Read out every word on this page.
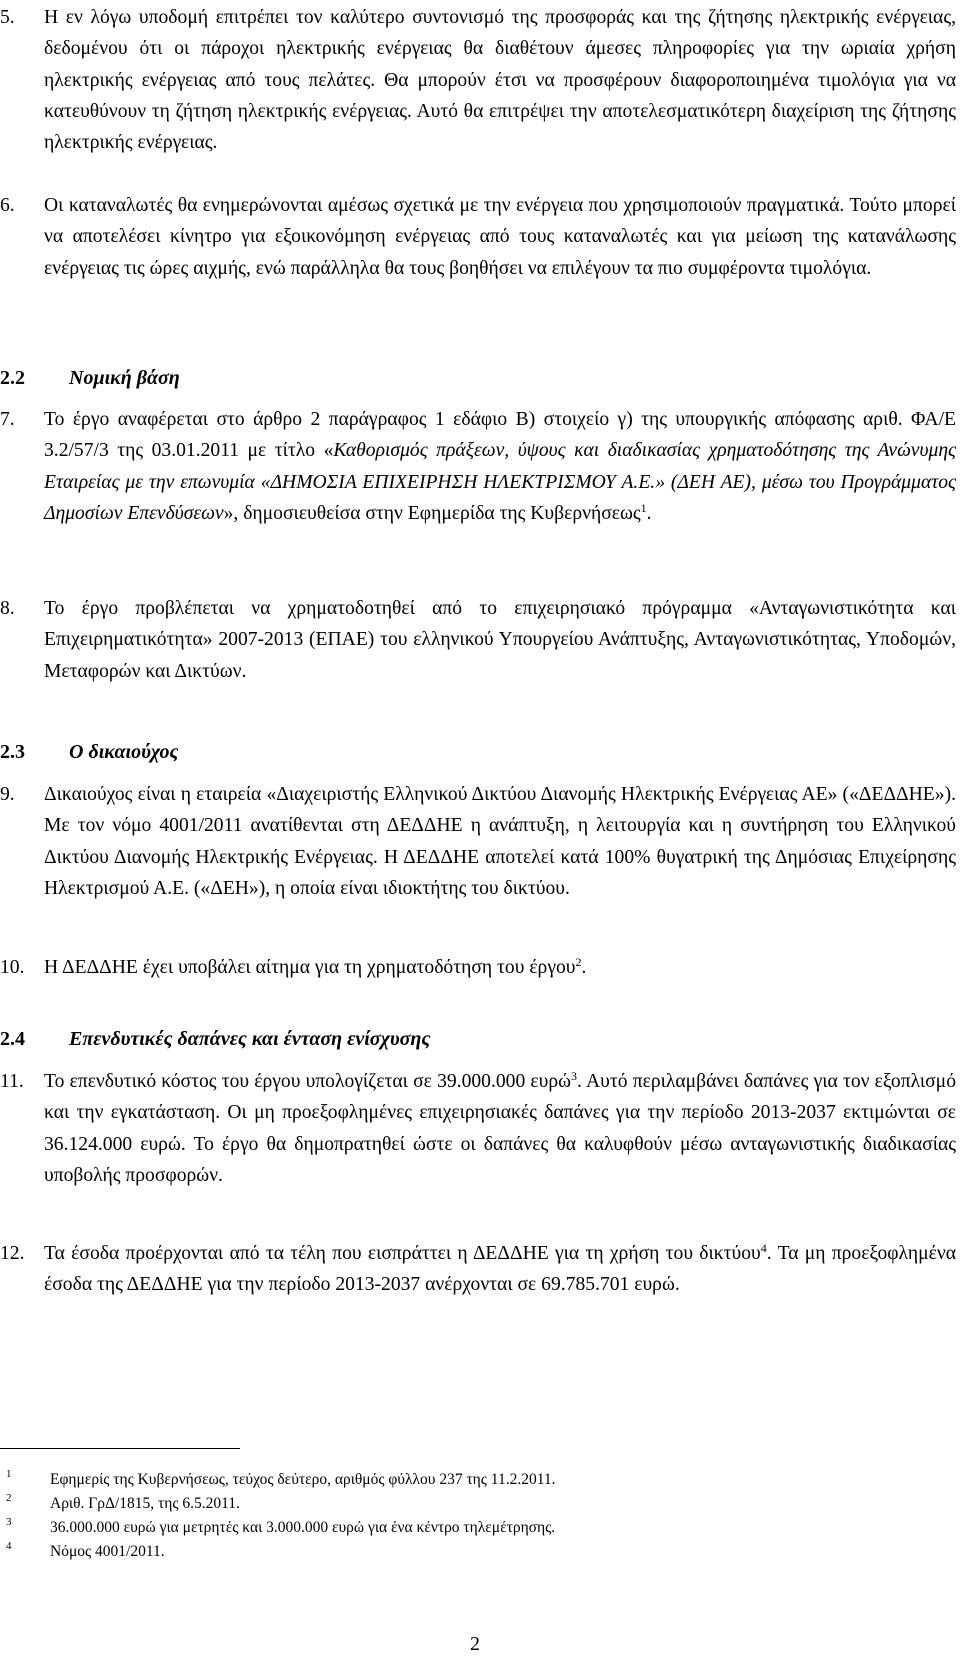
5.	Η εν λόγω υποδομή επιτρέπει τον καλύτερο συντονισμό της προσφοράς και της ζήτησης ηλεκτρικής ενέργειας, δεδομένου ότι οι πάροχοι ηλεκτρικής ενέργειας θα διαθέτουν άμεσες πληροφορίες για την ωριαία χρήση ηλεκτρικής ενέργειας από τους πελάτες. Θα μπορούν έτσι να προσφέρουν διαφοροποιημένα τιμολόγια για να κατευθύνουν τη ζήτηση ηλεκτρικής ενέργειας. Αυτό θα επιτρέψει την αποτελεσματικότερη διαχείριση της ζήτησης ηλεκτρικής ενέργειας.

6.	Οι καταναλωτές θα ενημερώνονται αμέσως σχετικά με την ενέργεια που χρησιμοποιούν πραγματικά. Τούτο μπορεί να αποτελέσει κίνητρο για εξοικονόμηση ενέργειας από τους καταναλωτές και για μείωση της κατανάλωσης ενέργειας τις ώρες αιχμής, ενώ παράλληλα θα τους βοηθήσει να επιλέγουν τα πιο συμφέροντα τιμολόγια.

2.2 Νομική βάση
7.	Το έργο αναφέρεται στο άρθρο 2 παράγραφος 1 εδάφιο Β) στοιχείο γ) της υπουργικής απόφασης αριθ. ΦΑ/Ε 3.2/57/3 της 03.01.2011 με τίτλο «Καθορισμός πράξεων, ύψους και διαδικασίας χρηματοδότησης της Ανώνυμης Εταιρείας με την επωνυμία «ΔΗΜΟΣΙΑ ΕΠΙΧΕΙΡΗΣΗ ΗΛΕΚΤΡΙΣΜΟΥ Α.Ε.» (ΔΕΗ ΑΕ), μέσω του Προγράμματος Δημοσίων Επενδύσεων», δημοσιευθείσα στην Εφημερίδα της Κυβερνήσεως$^1$.

8.	Το έργο προβλέπεται να χρηματοδοτηθεί από το επιχειρησιακό πρόγραμμα «Ανταγωνιστικότητα και Επιχειρηματικότητα» 2007-2013 (ΕΠΑΕ) του ελληνικού Υπουργείου Ανάπτυξης, Ανταγωνιστικότητας, Υποδομών, Μεταφορών και Δικτύων.

2.3 Ο δικαιούχος
9.	Δικαιούχος είναι η εταιρεία «Διαχειριστής Ελληνικού Δικτύου Διανομής Ηλεκτρικής Ενέργειας ΑΕ» («ΔΕΔΔΗΕ»). Με τον νόμο 4001/2011 ανατίθενται στη ΔΕΔΔΗΕ η ανάπτυξη, η λειτουργία και η συντήρηση του Ελληνικού Δικτύου Διανομής Ηλεκτρικής Ενέργειας. Η ΔΕΔΔΗΕ αποτελεί κατά 100% θυγατρική της Δημόσιας Επιχείρησης Ηλεκτρισμού Α.Ε. («ΔΕΗ»), η οποία είναι ιδιοκτήτης του δικτύου.

10. Η ΔΕΔΔΗΕ έχει υποβάλει αίτημα για τη χρηματοδότηση του έργου$^2$.

2.4 Επενδυτικές δαπάνες και ένταση ενίσχυσης
11.	Το επενδυτικό κόστος του έργου υπολογίζεται σε 39.000.000 ευρώ$^3$. Αυτό περιλαμβάνει δαπάνες για τον εξοπλισμό και την εγκατάσταση. Οι μη προεξοφλημένες επιχειρησιακές δαπάνες για την περίοδο 2013-2037 εκτιμώνται σε 36.124.000 ευρώ. Το έργο θα δημοπρατηθεί ώστε οι δαπάνες θα καλυφθούν μέσω ανταγωνιστικής διαδικασίας υποβολής προσφορών.

12. Τα έσοδα προέρχονται από τα τέλη που εισπράττει η ΔΕΔΔΗΕ για τη χρήση του δικτύου$^4$. Τα μη προεξοφλημένα έσοδα της ΔΕΔΔΗΕ για την περίοδο 2013-2037 ανέρχονται σε 69.785.701 ευρώ.

1 Εφημερίς της Κυβερνήσεως, τεύχος δεύτερο, αριθμός φύλλου 237 της 11.2.2011.
2 Αριθ. ΓρΔ/1815, της 6.5.2011.
3 36.000.000 ευρώ για μετρητές και 3.000.000 ευρώ για ένα κέντρο τηλεμέτρησης.
4 Νόμος 4001/2011.
2
